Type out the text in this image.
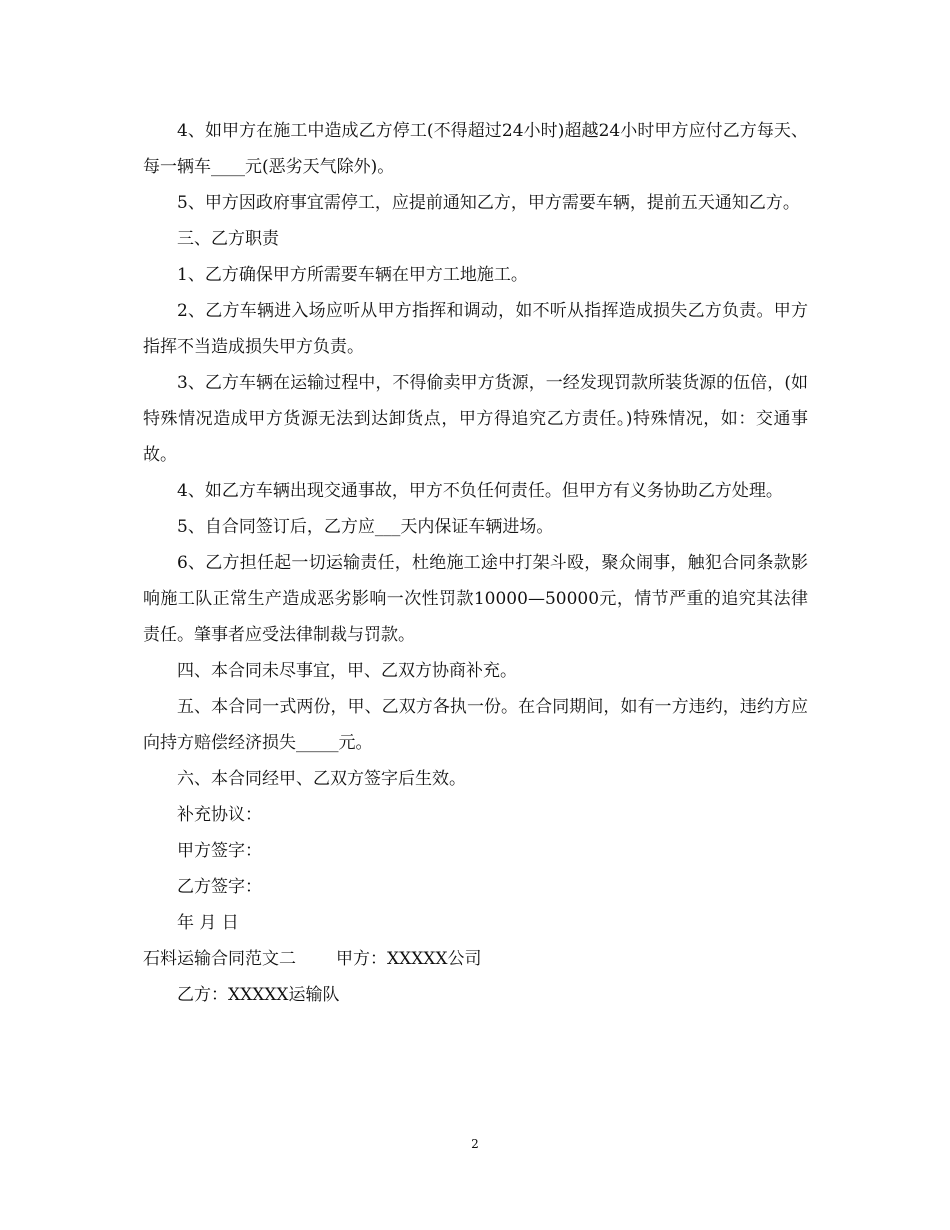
4、如甲方在施工中造成乙方停工(不得超过24小时)超越24小时甲方应付乙方每天、每一辆车____元(恶劣天气除外)。

5、甲方因政府事宜需停工，应提前通知乙方，甲方需要车辆，提前五天通知乙方。

三、乙方职责

1、乙方确保甲方所需要车辆在甲方工地施工。

2、乙方车辆进入场应听从甲方指挥和调动，如不听从指挥造成损失乙方负责。甲方指挥不当造成损失甲方负责。

3、乙方车辆在运输过程中，不得偷卖甲方货源，一经发现罚款所装货源的伍倍，(如特殊情况造成甲方货源无法到达卸货点，甲方得追究乙方责任。)特殊情况，如：交通事故。

4、如乙方车辆出现交通事故，甲方不负任何责任。但甲方有义务协助乙方处理。

5、自合同签订后，乙方应___天内保证车辆进场。

6、乙方担任起一切运输责任，杜绝施工途中打架斗殴，聚众闹事，触犯合同条款影响施工队正常生产造成恶劣影响一次性罚款10000—50000元，情节严重的追究其法律责任。肇事者应受法律制裁与罚款。

四、本合同未尽事宜，甲、乙双方协商补充。

五、本合同一式两份，甲、乙双方各执一份。在合同期间，如有一方违约，违约方应向持方赔偿经济损失_____元。

六、本合同经甲、乙双方签字后生效。

补充协议：

甲方签字：

乙方签字：

年 月 日

石料运输合同范文二 甲方：XXXXX公司

乙方：XXXXX运输队

2
